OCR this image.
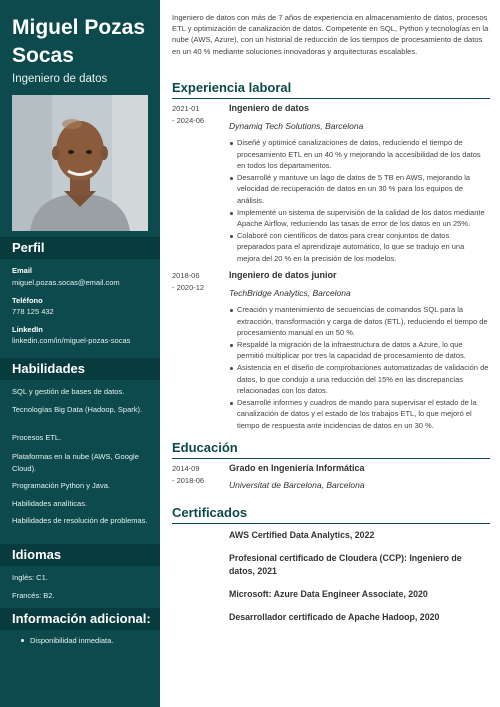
Miguel Pozas Socas
Ingeniero de datos
Perfil
Email
miguel.pozas.socas@email.com
Teléfono
778 125 432
LinkedIn
linkedin.com/in/miguel-pozas-socas
Habilidades
SQL y gestión de bases de datos.
Tecnologías Big Data (Hadoop, Spark).
Procesos ETL.
Plataformas en la nube (AWS, Google Cloud).
Programación Python y Java.
Habilidades analíticas.
Habilidades de resolución de problemas.
Idiomas
Inglés: C1.
Francés: B2.
Información adicional:
Disponibilidad inmediata.
Ingeniero de datos con más de 7 años de experiencia en almacenamiento de datos, procesos ETL y optimización de canalización de datos. Competente en SQL, Python y tecnologías en la nube (AWS, Azure), con un historial de reducción de los tiempos de procesamiento de datos en un 40 % mediante soluciones innovadoras y arquitecturas escalables.
Experiencia laboral
2021-01
- 2024-06
Ingeniero de datos
Dynamiq Tech Solutions, Barcelona
Diseñé y optimicé canalizaciones de datos, reduciendo el tiempo de procesamiento ETL en un 40 % y mejorando la accesibilidad de los datos en todos los departamentos.
Desarrollé y mantuve un lago de datos de 5 TB en AWS, mejorando la velocidad de recuperación de datos en un 30 % para los equipos de análisis.
Implementé un sistema de supervisión de la calidad de los datos mediante Apache Airflow, reduciendo las tasas de error de los datos en un 25%.
Colaboré con científicos de datos para crear conjuntos de datos preparados para el aprendizaje automático, lo que se tradujo en una mejora del 20 % en la precisión de los modelos.
2018-06
- 2020-12
Ingeniero de datos junior
TechBridge Analytics, Barcelona
Creación y mantenimiento de secuencias de comandos SQL para la extracción, transformación y carga de datos (ETL), reduciendo el tiempo de procesamiento manual en un 50 %.
Respaldé la migración de la infraestructura de datos a Azure, lo que permitió multiplicar por tres la capacidad de procesamiento de datos.
Asistencia en el diseño de comprobaciones automatizadas de validación de datos, lo que condujo a una reducción del 15% en las discrepancias relacionadas con los datos.
Desarrollé informes y cuadros de mando para supervisar el estado de la canalización de datos y el estado de los trabajos ETL, lo que mejoró el tiempo de respuesta ante incidencias de datos en un 30 %.
Educación
2014-09
- 2018-06
Grado en Ingeniería Informática
Universitat de Barcelona, Barcelona
Certificados
AWS Certified Data Analytics, 2022
Profesional certificado de Cloudera (CCP): Ingeniero de datos, 2021
Microsoft: Azure Data Engineer Associate, 2020
Desarrollador certificado de Apache Hadoop, 2020
